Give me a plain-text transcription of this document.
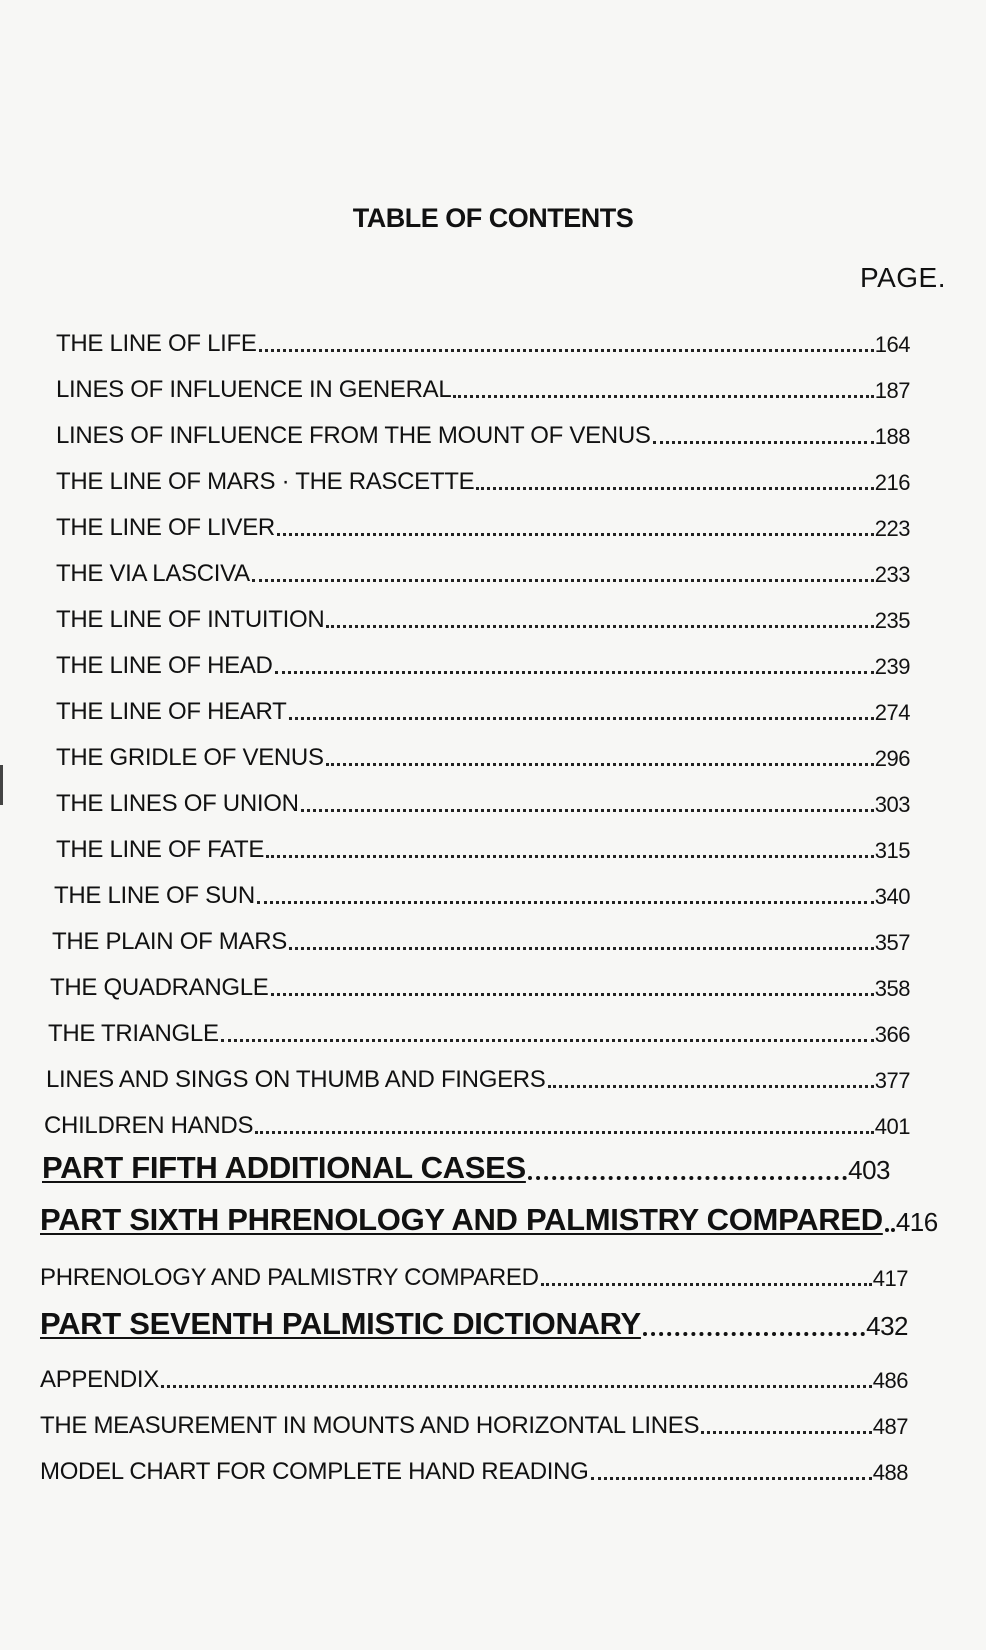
TABLE OF CONTENTS
PAGE.
THE LINE OF LIFE	164
LINES OF INFLUENCE IN GENERAL	187
LINES OF INFLUENCE FROM THE MOUNT OF VENUS	188
THE LINE OF MARS · THE RASCETTE	216
THE LINE OF LIVER	223
THE VIA LASCIVA	233
THE LINE OF INTUITION	235
THE LINE OF HEAD	239
THE LINE OF HEART	274
THE GRIDLE OF VENUS	296
THE LINES OF UNION	303
THE LINE OF FATE	315
THE LINE OF SUN	340
THE PLAIN OF MARS	357
THE QUADRANGLE	358
THE TRIANGLE	366
LINES AND SINGS ON THUMB AND FINGERS	377
CHILDREN HANDS	401
PART FIFTH ADDITIONAL CASES	403
PART SIXTH PHRENOLOGY AND PALMISTRY COMPARED 416
PHRENOLOGY AND PALMISTRY COMPARED	417
PART SEVENTH PALMISTIC DICTIONARY	432
APPENDIX	486
THE MEASUREMENT IN MOUNTS AND HORIZONTAL LINES	487
MODEL CHART FOR COMPLETE HAND READING	488
